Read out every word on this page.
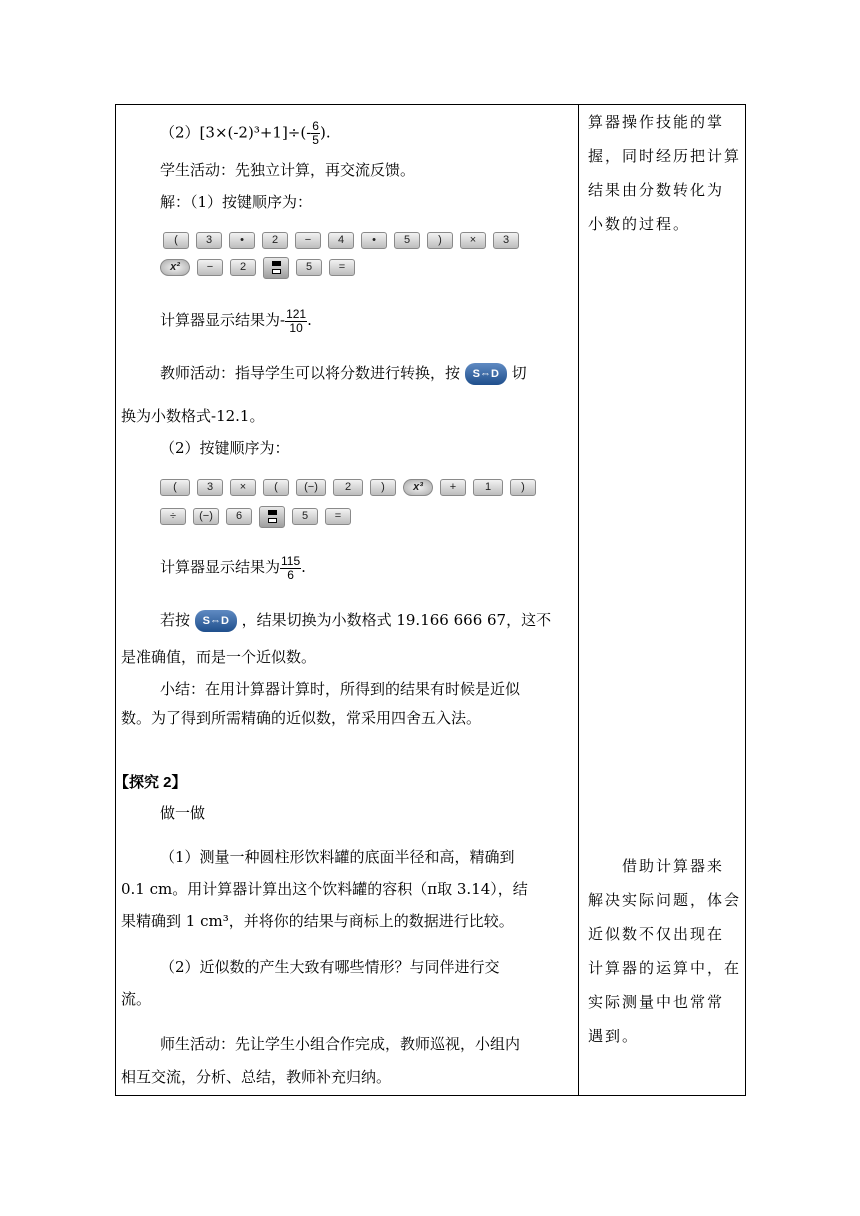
$(2)[3\times(-2)^3+1]\div(- \frac{6}{5}$ ).
学生活动：先独立计算，再交流反馈。
解：（1）按键顺序为：
(	3	•	2	−	4	•	5	)	×	3
x²	−	2	5	=
计算器显示结果为- $\frac{121}{10}$ .
教师活动：指导学生可以将分数进行转换，按 S⇔D 切
换为小数格式-12.1。
（2）按键顺序为：
(	3	×	(	(−)	2	)	x³	+	1	)
÷	(−)	6	5	=
计算器显示结果为 $\frac{115}{6}$ .
若按 S⇔D ，结果切换为小数格式 19.166 666 67，这不
是准确值，而是一个近似数。
小结：在用计算器计算时，所得到的结果有时候是近似
数。为了得到所需精确的近似数，常采用四舍五入法。
【探究 2】
做一做
（1）测量一种圆柱形饮料罐的底面半径和高，精确到
0.1 cm。用计算器计算出这个饮料罐的容积（π取 3.14），结
果精确到 1 cm³，并将你的结果与商标上的数据进行比较。
（2）近似数的产生大致有哪些情形？与同伴进行交
流。
师生活动：先让学生小组合作完成，教师巡视，小组内
相互交流，分析、总结，教师补充归纳。
算器操作技能的掌
握，同时经历把计算
结果由分数转化为
小数的过程。
借助计算器来
解决实际问题，体会
近似数不仅出现在
计算器的运算中，在
实际测量中也常常
遇到。
